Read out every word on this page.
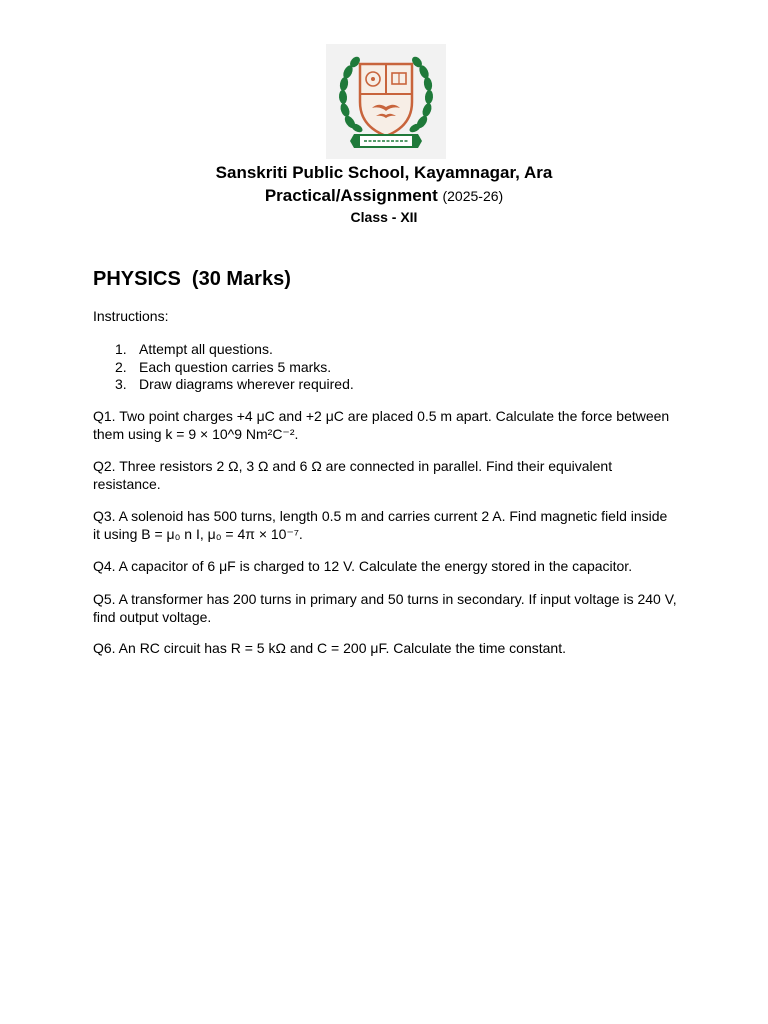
Sanskriti Public School, Kayamnagar, Ara
Practical/Assignment (2025-26)
Class - XII
PHYSICS  (30 Marks)
Instructions:
1. Attempt all questions.
2. Each question carries 5 marks.
3. Draw diagrams wherever required.
Q1. Two point charges +4 μC and +2 μC are placed 0.5 m apart. Calculate the force between them using k = 9 × 10^9 Nm²C⁻².
Q2. Three resistors 2 Ω, 3 Ω and 6 Ω are connected in parallel. Find their equivalent resistance.
Q3. A solenoid has 500 turns, length 0.5 m and carries current 2 A. Find magnetic field inside it using B = μ₀ n I, μ₀ = 4π × 10⁻⁷.
Q4. A capacitor of 6 μF is charged to 12 V. Calculate the energy stored in the capacitor.
Q5. A transformer has 200 turns in primary and 50 turns in secondary. If input voltage is 240 V, find output voltage.
Q6. An RC circuit has R = 5 kΩ and C = 200 μF. Calculate the time constant.
